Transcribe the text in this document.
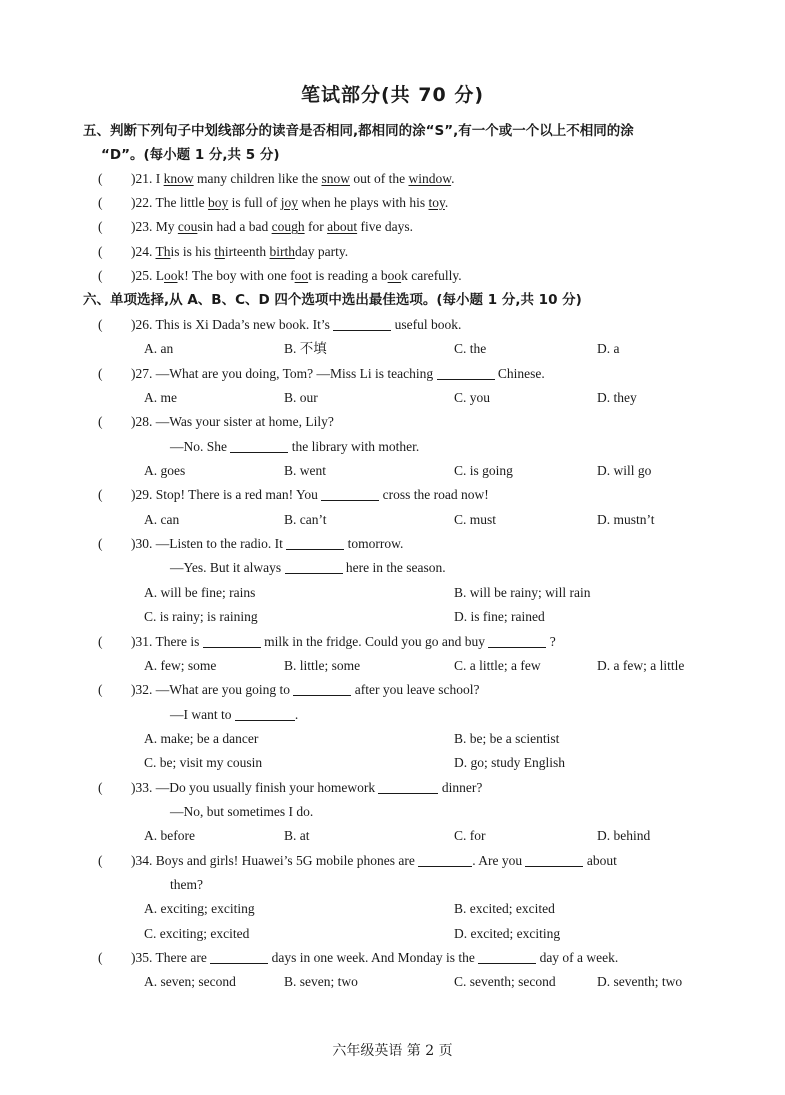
笔试部分(共 70 分)
五、判断下列句子中划线部分的读音是否相同,都相同的涂“S”,有一个或一个以上不相同的涂
“D”。(每小题 1 分,共 5 分)
( )21. I know many children like the snow out of the window.
( )22. The little boy is full of joy when he plays with his toy.
( )23. My cousin had a bad cough for about five days.
( )24. This is his thirteenth birthday party.
( )25. Look! The boy with one foot is reading a book carefully.
六、单项选择,从 A、B、C、D 四个选项中选出最佳选项。(每小题 1 分,共 10 分)
( )26. This is Xi Dada’s new book. It’s	useful book.
A. an	B. 不填	C. the	D. a
( )27. —What are you doing, Tom? —Miss Li is teaching	Chinese.
A. me	B. our	C. you	D. they
( )28. —Was your sister at home, Lily?
—No. She	the library with mother.
A. goes	B. went	C. is going	D. will go
( )29. Stop! There is a red man! You	cross the road now!
A. can	B. can’t	C. must	D. mustn’t
( )30. —Listen to the radio. It	tomorrow.
—Yes. But it always	here in the season.
A. will be fine; rains	B. will be rainy; will rain
C. is rainy; is raining	D. is fine; rained
( )31. There is	milk in the fridge. Could you go and buy	?
A. few; some	B. little; some	C. a little; a few	D. a few; a little
( )32. —What are you going to	after you leave school?
—I want to	.
A. make; be a dancer	B. be; be a scientist
C. be; visit my cousin	D. go; study English
( )33. —Do you usually finish your homework	dinner?
—No, but sometimes I do.
A. before	B. at	C. for	D. behind
( )34. Boys and girls! Huawei’s 5G mobile phones are	. Are you	about
them?
A. exciting; exciting	B. excited; excited
C. exciting; excited	D. excited; exciting
( )35. There are	days in one week. And Monday is the	day of a week.
A. seven; second	B. seven; two	C. seventh; second	D. seventh; two
六年级英语 第 2 页
